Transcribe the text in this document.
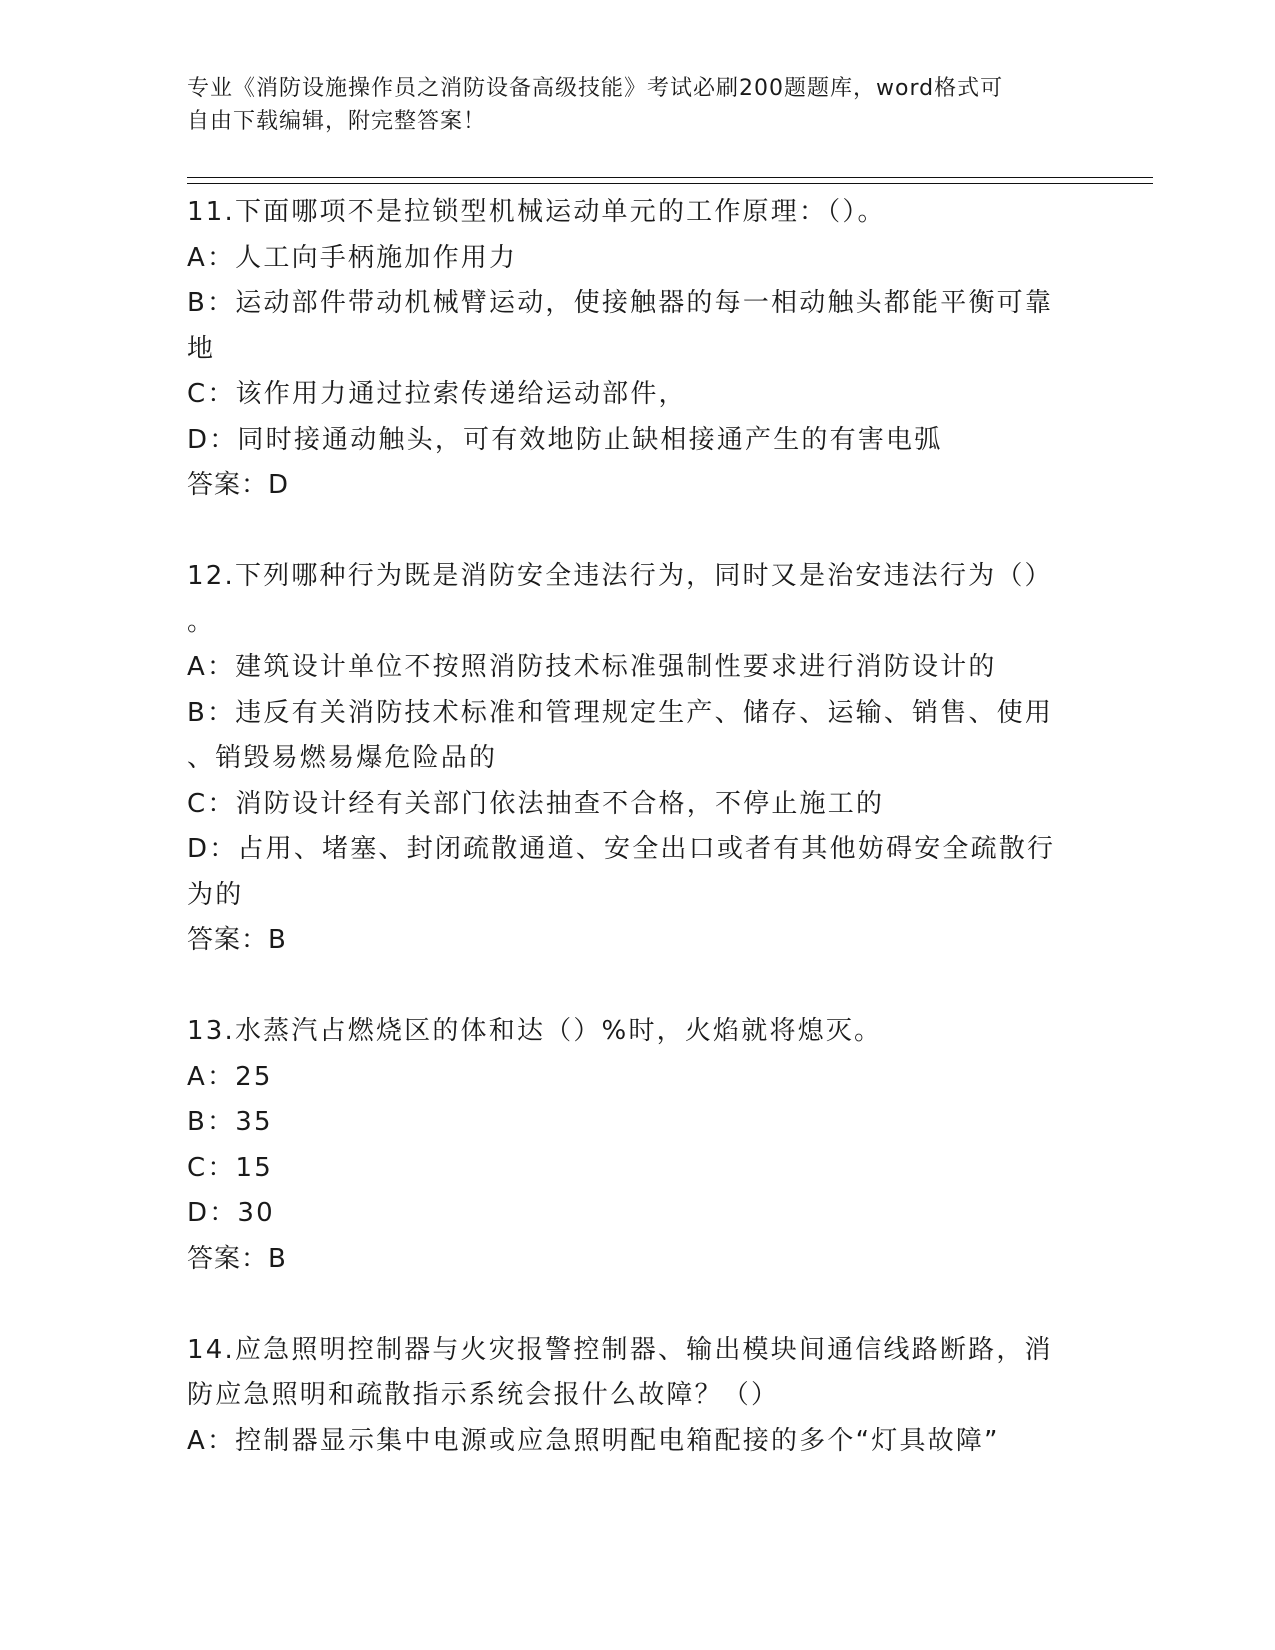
专业《消防设施操作员之消防设备高级技能》考试必刷200题题库，word格式可
自由下载编辑，附完整答案！
11.下面哪项不是拉锁型机械运动单元的工作原理：（）。
A：人工向手柄施加作用力
B：运动部件带动机械臂运动，使接触器的每一相动触头都能平衡可靠
地
C：该作用力通过拉索传递给运动部件，
D：同时接通动触头，可有效地防止缺相接通产生的有害电弧
答案：D
12.下列哪种行为既是消防安全违法行为，同时又是治安违法行为（）
。
A：建筑设计单位不按照消防技术标准强制性要求进行消防设计的
B：违反有关消防技术标准和管理规定生产、储存、运输、销售、使用
、销毁易燃易爆危险品的
C：消防设计经有关部门依法抽查不合格，不停止施工的
D：占用、堵塞、封闭疏散通道、安全出口或者有其他妨碍安全疏散行
为的
答案：B
13.水蒸汽占燃烧区的体和达（）%时，火焰就将熄灭。
A：25
B：35
C：15
D：30
答案：B
14.应急照明控制器与火灾报警控制器、输出模块间通信线路断路，消
防应急照明和疏散指示系统会报什么故障？（）
A：控制器显示集中电源或应急照明配电箱配接的多个“灯具故障”
